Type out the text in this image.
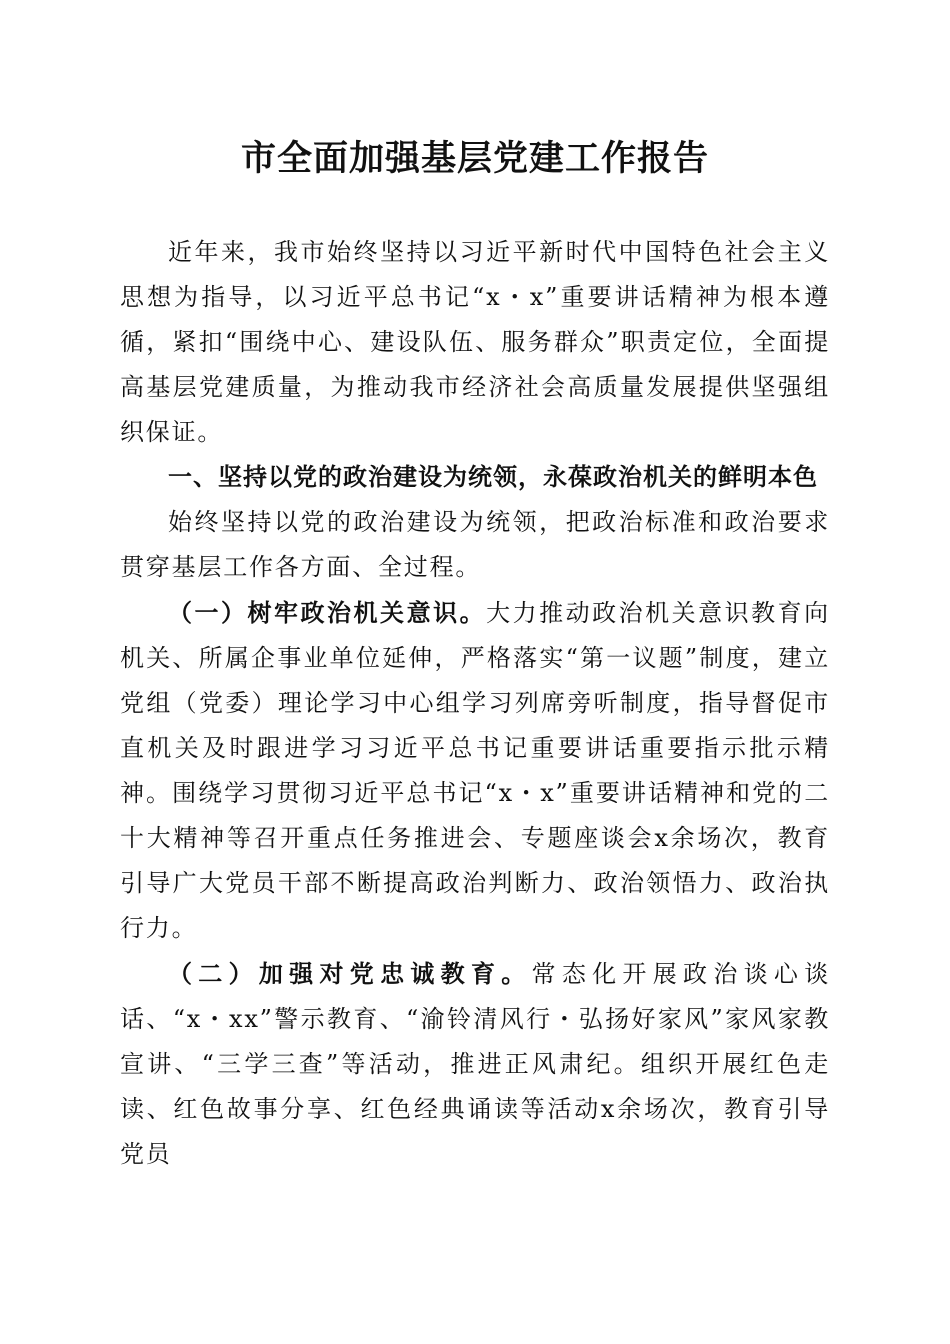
市全面加强基层党建工作报告

近年来，我市始终坚持以习近平新时代中国特色社会主义思想为指导，以习近平总书记“x・x”重要讲话精神为根本遵循，紧扣“围绕中心、建设队伍、服务群众”职责定位，全面提高基层党建质量，为推动我市经济社会高质量发展提供坚强组织保证。

一、坚持以党的政治建设为统领，永葆政治机关的鲜明本色

始终坚持以党的政治建设为统领，把政治标准和政治要求贯穿基层工作各方面、全过程。

（一）树牢政治机关意识。大力推动政治机关意识教育向机关、所属企事业单位延伸，严格落实“第一议题”制度，建立党组（党委）理论学习中心组学习列席旁听制度，指导督促市直机关及时跟进学习习近平总书记重要讲话重要指示批示精神。围绕学习贯彻习近平总书记“x・x”重要讲话精神和党的二十大精神等召开重点任务推进会、专题座谈会x余场次，教育引导广大党员干部不断提高政治判断力、政治领悟力、政治执行力。

（二）加强对党忠诚教育。常态化开展政治谈心谈话、“x・xx”警示教育、“渝铃清风行・弘扬好家风”家风家教宣讲、“三学三查”等活动，推进正风肃纪。组织开展红色走读、红色故事分享、红色经典诵读等活动x余场次，教育引导党员
